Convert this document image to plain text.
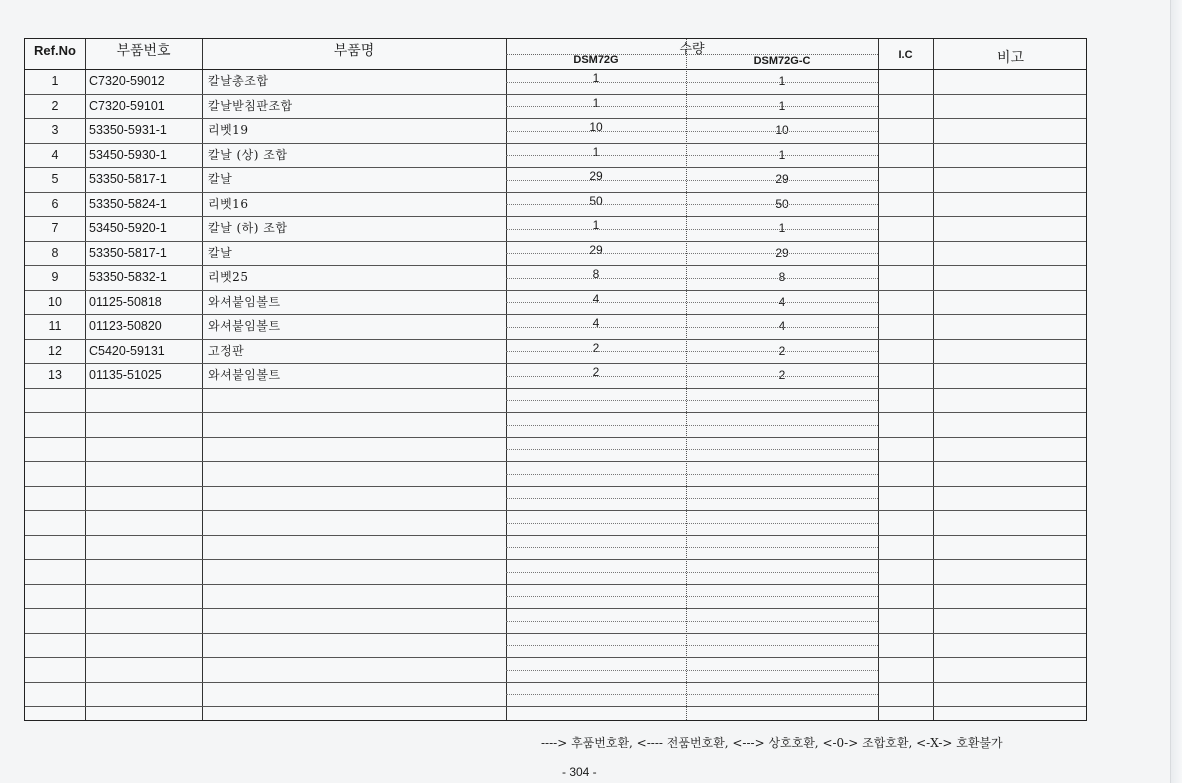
Ref.No	부품번호	부품명	수량
DSM72G	DSM72G-C	I.C	비고
1	C7320-59012	칼날총조합	1	1
2	C7320-59101	칼날받침판조합	1	1
3	53350-5931-1	리벳19	10	10
4	53450-5930-1	칼날 (상) 조합	1	1
5	53350-5817-1	칼날	29	29
6	53350-5824-1	리벳16	50	50
7	53450-5920-1	칼날 (하) 조합	1	1
8	53350-5817-1	칼날	29	29
9	53350-5832-1	리벳25	8	8
10	01125-50818	와셔붙임볼트	4	4
11	01123-50820	와셔붙임볼트	4	4
12	C5420-59131	고정판	2	2
13	01135-51025	와셔붙임볼트	2	2
----> 후품번호환, <---- 전품번호환, <---> 상호호환, <-0-> 조합호환, <-X-> 호환불가
- 304 -
